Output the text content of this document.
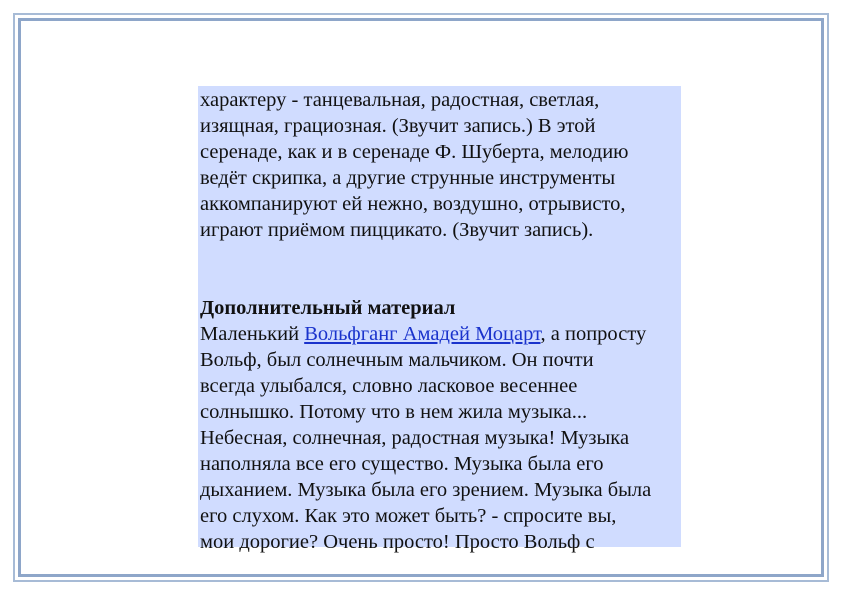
характеру - танцевальная, радостная, светлая,
изящная, грациозная. (Звучит запись.) В этой
серенаде, как и в серенаде Ф. Шуберта, мелодию
ведёт скрипка, а другие струнные инструменты
аккомпанируют ей нежно, воздушно, отрывисто,
играют приёмом пиццикато. (Звучит запись).
Дополнительный материал
Маленький Вольфганг Амадей Моцарт, а попросту
Вольф, был солнечным мальчиком. Он почти
всегда улыбался, словно ласковое весеннее
солнышко. Потому что в нем жила музыка...
Небесная, солнечная, радостная музыка! Музыка
наполняла все его существо. Музыка была его
дыханием. Музыка была его зрением. Музыка была
его слухом. Как это может быть? - спросите вы,
мои дорогие? Очень просто! Просто Вольф с
